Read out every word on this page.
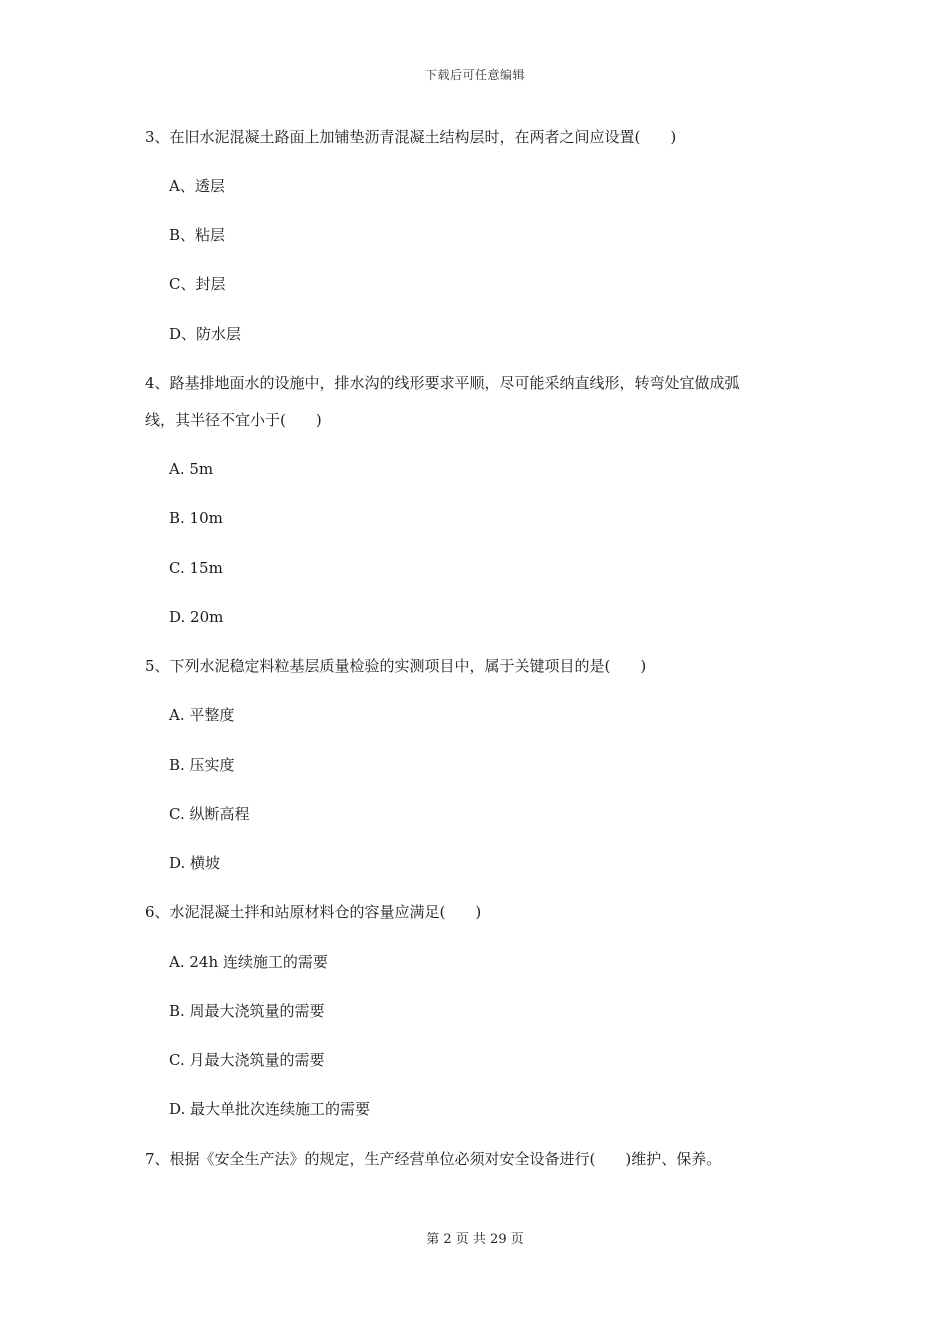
下载后可任意编辑
3、在旧水泥混凝土路面上加铺垫沥青混凝土结构层时，在两者之间应设置(　　)
A、透层
B、粘层
C、封层
D、防水层
4、路基排地面水的设施中，排水沟的线形要求平顺，尽可能采纳直线形，转弯处宜做成弧
线，其半径不宜小于(　　)
A. 5m
B. 10m
C. 15m
D. 20m
5、下列水泥稳定料粒基层质量检验的实测项目中，属于关键项目的是(　　)
A. 平整度
B. 压实度
C. 纵断高程
D. 横坡
6、水泥混凝土拌和站原材料仓的容量应满足(　　)
A. 24h 连续施工的需要
B. 周最大浇筑量的需要
C. 月最大浇筑量的需要
D. 最大单批次连续施工的需要
7、根据《安全生产法》的规定，生产经营单位必须对安全设备进行(　　)维护、保养。
第 2 页 共 29 页
